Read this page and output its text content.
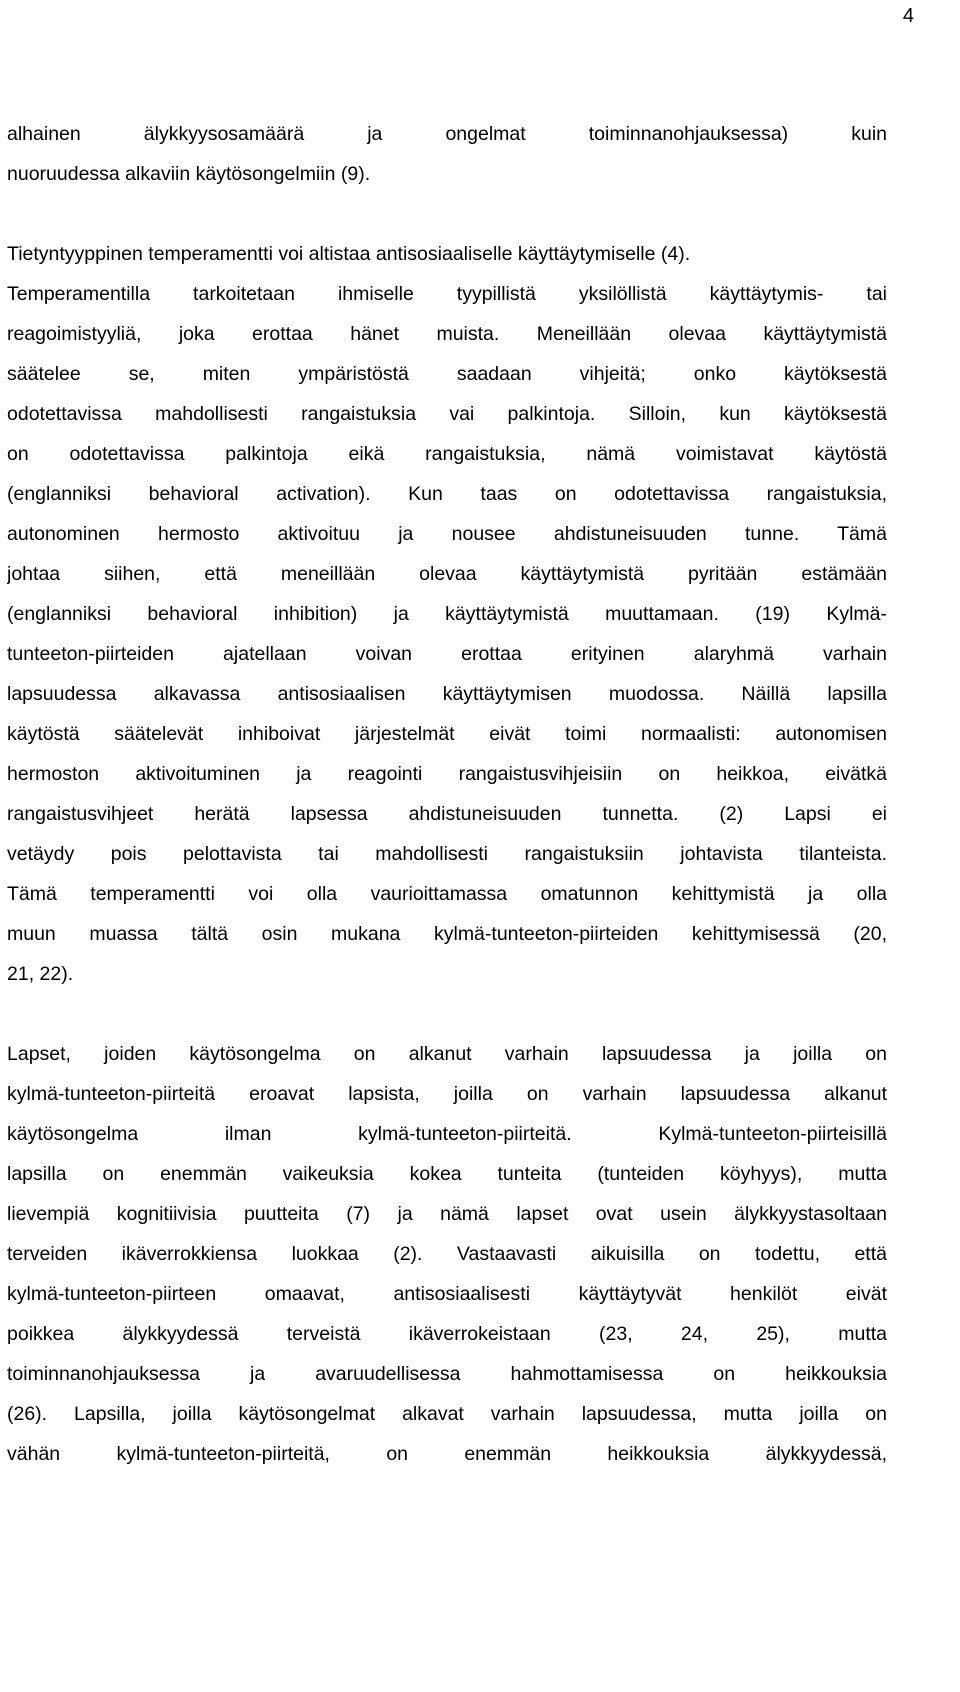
4
alhainen älykkyysosamäärä ja ongelmat toiminnanohjauksessa) kuin
nuoruudessa alkaviin käytösongelmiin (9).
Tietyntyyppinen temperamentti voi altistaa antisosiaaliselle käyttäytymiselle (4).
Temperamentilla tarkoitetaan ihmiselle tyypillistä yksilöllistä käyttäytymis- tai
reagoimistyyliä, joka erottaa hänet muista. Meneillään olevaa käyttäytymistä
säätelee se, miten ympäristöstä saadaan vihjeitä; onko käytöksestä
odotettavissa mahdollisesti rangaistuksia vai palkintoja. Silloin, kun käytöksestä
on odotettavissa palkintoja eikä rangaistuksia, nämä voimistavat käytöstä
(englanniksi behavioral activation). Kun taas on odotettavissa rangaistuksia,
autonominen hermosto aktivoituu ja nousee ahdistuneisuuden tunne. Tämä
johtaa siihen, että meneillään olevaa käyttäytymistä pyritään estämään
(englanniksi behavioral inhibition) ja käyttäytymistä muuttamaan. (19) Kylmä-
tunteeton-piirteiden ajatellaan voivan erottaa erityinen alaryhmä varhain
lapsuudessa alkavassa antisosiaalisen käyttäytymisen muodossa. Näillä lapsilla
käytöstä säätelevät inhiboivat järjestelmät eivät toimi normaalisti: autonomisen
hermoston aktivoituminen ja reagointi rangaistusvihjeisiin on heikkoa, eivätkä
rangaistusvihjeet herätä lapsessa ahdistuneisuuden tunnetta. (2) Lapsi ei
vetäydy pois pelottavista tai mahdollisesti rangaistuksiin johtavista tilanteista.
Tämä temperamentti voi olla vaurioittamassa omatunnon kehittymistä ja olla
muun muassa tältä osin mukana kylmä-tunteeton-piirteiden kehittymisessä (20,
21, 22).
Lapset, joiden käytösongelma on alkanut varhain lapsuudessa ja joilla on
kylmä-tunteeton-piirteitä eroavat lapsista, joilla on varhain lapsuudessa alkanut
käytösongelma ilman kylmä-tunteeton-piirteitä. Kylmä-tunteeton-piirteisillä
lapsilla on enemmän vaikeuksia kokea tunteita (tunteiden köyhyys), mutta
lievempiä kognitiivisia puutteita (7) ja nämä lapset ovat usein älykkyystasoltaan
terveiden ikäverrokkiensa luokkaa (2). Vastaavasti aikuisilla on todettu, että
kylmä-tunteeton-piirteen omaavat, antisosiaalisesti käyttäytyvät henkilöt eivät
poikkea älykkyydessä terveistä ikäverrokeistaan (23, 24, 25), mutta
toiminnanohjauksessa ja avaruudellisessa hahmottamisessa on heikkouksia
(26). Lapsilla, joilla käytösongelmat alkavat varhain lapsuudessa, mutta joilla on
vähän kylmä-tunteeton-piirteitä, on enemmän heikkouksia älykkyydessä,
